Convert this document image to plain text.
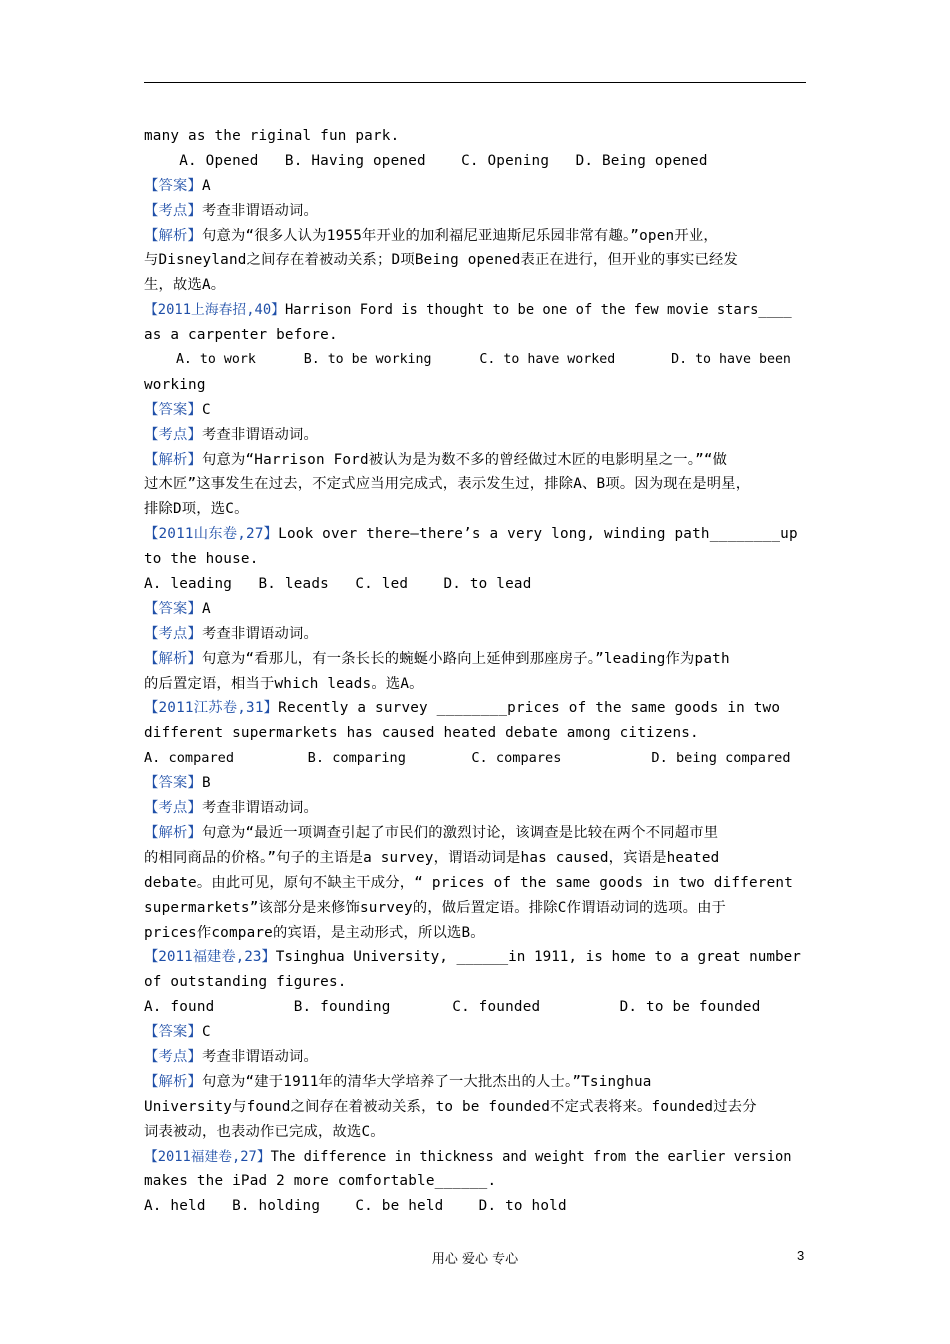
many as the riginal fun park.
A. Opened   B. Having opened    C. Opening   D. Being opened
【答案】A
【考点】考查非谓语动词。
【解析】句意为“很多人认为1955年开业的加利福尼亚迪斯尼乐园非常有趣。”open开业，
与Disneyland之间存在着被动关系；D项Being opened表正在进行，但开业的事实已经发
生，故选A。
【2011上海春招,40】Harrison Ford is thought to be one of the few movie stars____
as a carpenter before.
A. to work      B. to be working      C. to have worked       D. to have been
working
【答案】C
【考点】考查非谓语动词。
【解析】句意为“Harrison Ford被认为是为数不多的曾经做过木匠的电影明星之一。”“做
过木匠”这事发生在过去，不定式应当用完成式，表示发生过，排除A、B项。因为现在是明星，
排除D项，选C。
【2011山东卷,27】Look over there—there’s a very long, winding path________up
to the house.
A. leading   B. leads   C. led    D. to lead
【答案】A
【考点】考查非谓语动词。
【解析】句意为“看那儿，有一条长长的蜿蜒小路向上延伸到那座房子。”leading作为path
的后置定语，相当于which leads。选A。
【2011江苏卷,31】Recently a survey ________prices of the same goods in two
different supermarkets has caused heated debate among citizens.
A. compared         B. comparing        C. compares           D. being compared
【答案】B
【考点】考查非谓语动词。
【解析】句意为“最近一项调查引起了市民们的激烈讨论，该调查是比较在两个不同超市里
的相同商品的价格。”句子的主语是a survey，谓语动词是has caused，宾语是heated
debate。由此可见，原句不缺主干成分，“ prices of the same goods in two different
supermarkets”该部分是来修饰survey的，做后置定语。排除C作谓语动词的选项。由于
prices作compare的宾语，是主动形式，所以选B。
【2011福建卷,23】Tsinghua University, ______in 1911, is home to a great number
of outstanding figures.
A. found         B. founding       C. founded         D. to be founded
【答案】C
【考点】考查非谓语动词。
【解析】句意为“建于1911年的清华大学培养了一大批杰出的人士。”Tsinghua
University与found之间存在着被动关系，to be founded不定式表将来。founded过去分
词表被动，也表动作已完成，故选C。
【2011福建卷,27】The difference in thickness and weight from the earlier version
makes the iPad 2 more comfortable______.
A. held   B. holding    C. be held    D. to hold
用心 爱心 专心	3
